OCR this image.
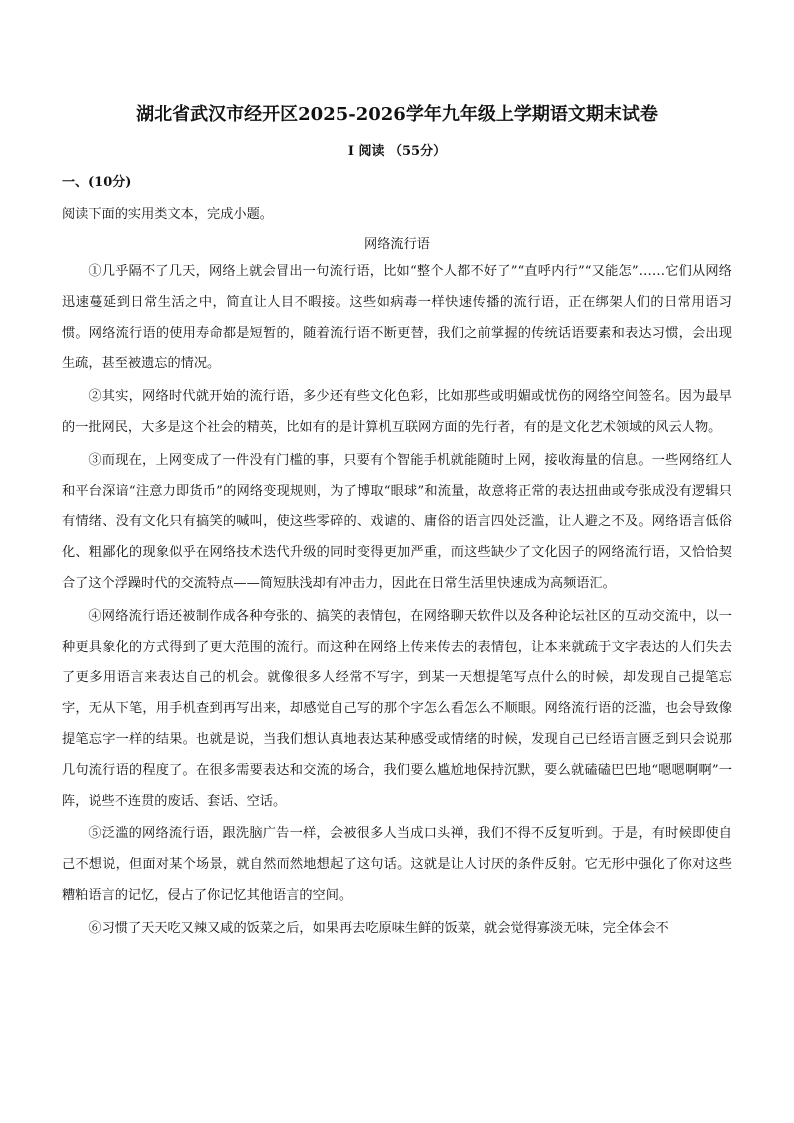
湖北省武汉市经开区2025-2026学年九年级上学期语文期末试卷
I 阅读 （55分）
一、(10分)
阅读下面的实用类文本，完成小题。
网络流行语

①几乎隔不了几天，网络上就会冒出一句流行语，比如“整个人都不好了”“直呼内行”“又能怎”……它们从网络迅速蔓延到日常生活之中，简直让人目不暇接。这些如病毒一样快速传播的流行语，正在绑架人们的日常用语习惯。网络流行语的使用寿命都是短暂的，随着流行语不断更替，我们之前掌握的传统话语要素和表达习惯，会出现生疏，甚至被遗忘的情况。

②其实，网络时代就开始的流行语，多少还有些文化色彩，比如那些或明媚或忧伤的网络空间签名。因为最早的一批网民，大多是这个社会的精英，比如有的是计算机互联网方面的先行者，有的是文化艺术领域的风云人物。

③而现在，上网变成了一件没有门槛的事，只要有个智能手机就能随时上网，接收海量的信息。一些网络红人和平台深谙“注意力即货币”的网络变现规则，为了博取“眼球”和流量，故意将正常的表达扭曲或夸张成没有逻辑只有情绪、没有文化只有搞笑的喊叫，使这些零碎的、戏谑的、庸俗的语言四处泛滥，让人避之不及。网络语言低俗化、粗鄙化的现象似乎在网络技术迭代升级的同时变得更加严重，而这些缺少了文化因子的网络流行语，又恰恰契合了这个浮躁时代的交流特点——简短肤浅却有冲击力，因此在日常生活里快速成为高频语汇。

④网络流行语还被制作成各种夸张的、搞笑的表情包，在网络聊天软件以及各种论坛社区的互动交流中，以一种更具象化的方式得到了更大范围的流行。而这种在网络上传来传去的表情包，让本来就疏于文字表达的人们失去了更多用语言来表达自己的机会。就像很多人经常不写字，到某一天想提笔写点什么的时候，却发现自己提笔忘字，无从下笔，用手机查到再写出来，却感觉自己写的那个字怎么看怎么不顺眼。网络流行语的泛滥，也会导致像提笔忘字一样的结果。也就是说，当我们想认真地表达某种感受或情绪的时候，发现自己已经语言匮乏到只会说那几句流行语的程度了。在很多需要表达和交流的场合，我们要么尴尬地保持沉默，要么就磕磕巴巴地“嗯嗯啊啊”一阵，说些不连贯的废话、套话、空话。

⑤泛滥的网络流行语，跟洗脑广告一样，会被很多人当成口头禅，我们不得不反复听到。于是，有时候即使自己不想说，但面对某个场景，就自然而然地想起了这句话。这就是让人讨厌的条件反射。它无形中强化了你对这些糟粕语言的记忆，侵占了你记忆其他语言的空间。

⑥习惯了天天吃又辣又咸的饭菜之后，如果再去吃原味生鲜的饭菜，就会觉得寡淡无味，完全体会不
